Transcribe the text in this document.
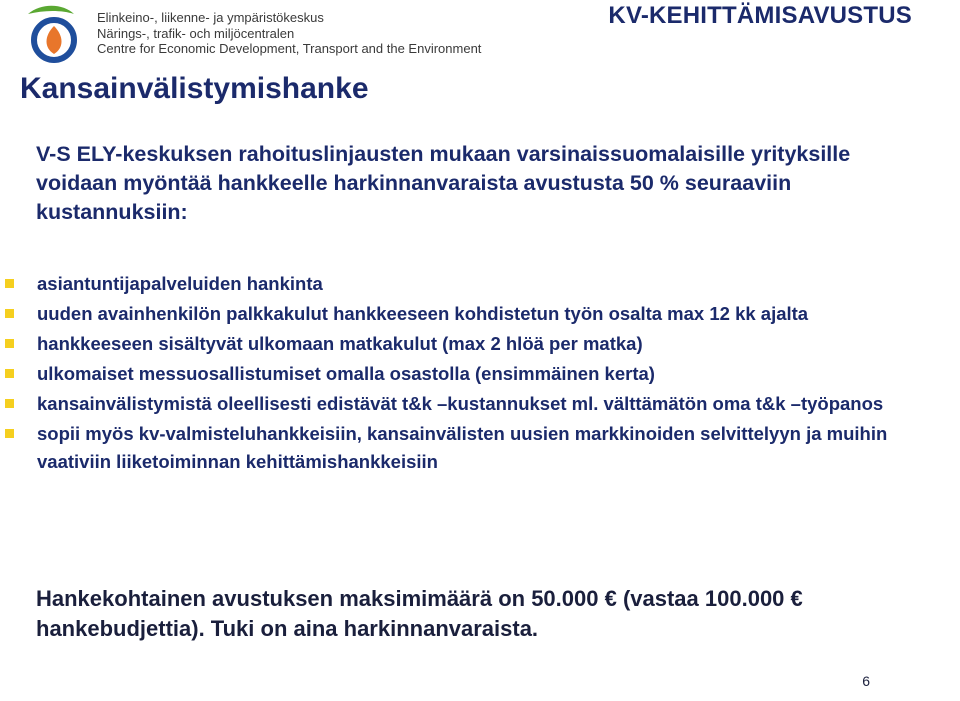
Elinkeino-, liikenne- ja ympäristökeskus
Närings-, trafik- och miljöcentralen
Centre for Economic Development, Transport and the Environment
KV-KEHITTÄMISAVUSTUS
Kansainvälistymishanke
V-S ELY-keskuksen rahoituslinjausten mukaan varsinaissuomalaisille yrityksille voidaan myöntää hankkeelle harkinnanvaraista avustusta 50 % seuraaviin kustannuksiin:
asiantuntijapalveluiden hankinta
uuden avainhenkilön palkkakulut hankkeeseen kohdistetun työn osalta max 12 kk ajalta
hankkeeseen sisältyvät ulkomaan matkakulut (max 2 hlöä per matka)
ulkomaiset messuosallistumiset omalla osastolla (ensimmäinen kerta)
kansainvälistymistä oleellisesti edistävät t&k –kustannukset ml. välttämätön oma t&k –työpanos
sopii myös kv-valmisteluhankkeisiin, kansainvälisten uusien markkinoiden selvittelyyn ja muihin vaativiin liiketoiminnan kehittämishankkeisiin
Hankekohtainen avustuksen maksimimäärä on 50.000 € (vastaa 100.000 € hankebudjettia). Tuki on aina harkinnanvaraista.
6
